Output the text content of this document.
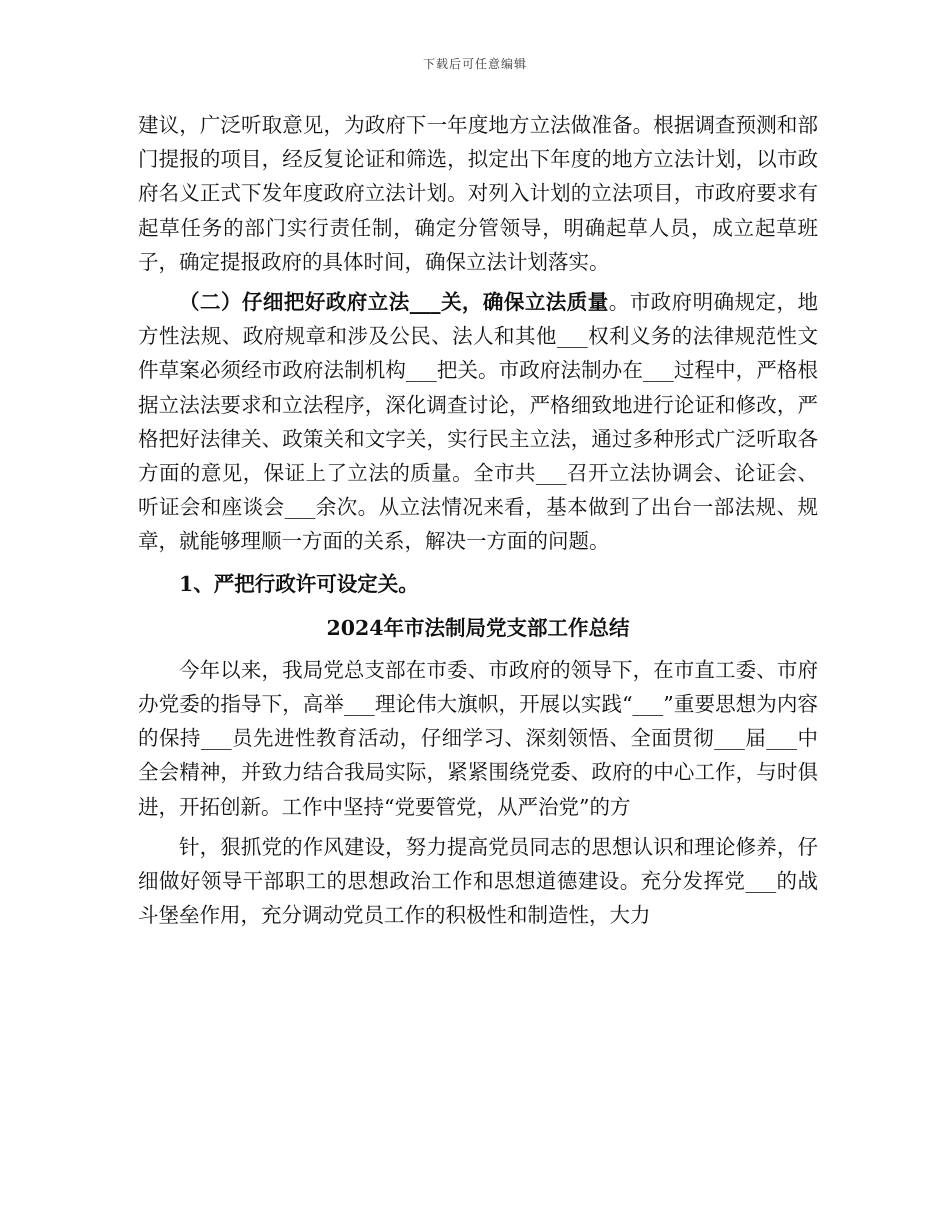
下载后可任意编辑

建议，广泛听取意见，为政府下一年度地方立法做准备。根据调查预测和部门提报的项目，经反复论证和筛选，拟定出下年度的地方立法计划，以市政府名义正式下发年度政府立法计划。对列入计划的立法项目，市政府要求有起草任务的部门实行责任制，确定分管领导，明确起草人员，成立起草班子，确定提报政府的具体时间，确保立法计划落实。

（二）仔细把好政府立法___关，确保立法质量。市政府明确规定，地方性法规、政府规章和涉及公民、法人和其他___权利义务的法律规范性文件草案必须经市政府法制机构___把关。市政府法制办在___过程中，严格根据立法法要求和立法程序，深化调查讨论，严格细致地进行论证和修改，严格把好法律关、政策关和文字关，实行民主立法，通过多种形式广泛听取各方面的意见，保证上了立法的质量。全市共___召开立法协调会、论证会、听证会和座谈会___余次。从立法情况来看，基本做到了出台一部法规、规章，就能够理顺一方面的关系，解决一方面的问题。

1、严把行政许可设定关。

2024年市法制局党支部工作总结

今年以来，我局党总支部在市委、市政府的领导下，在市直工委、市府办党委的指导下，高举___理论伟大旗帜，开展以实践“___”重要思想为内容的保持___员先进性教育活动，仔细学习、深刻领悟、全面贯彻___届___中全会精神，并致力结合我局实际，紧紧围绕党委、政府的中心工作，与时俱进，开拓创新。工作中坚持“党要管党，从严治党”的方

针，狠抓党的作风建设，努力提高党员同志的思想认识和理论修养，仔细做好领导干部职工的思想政治工作和思想道德建设。充分发挥党___的战斗堡垒作用，充分调动党员工作的积极性和制造性，大力
